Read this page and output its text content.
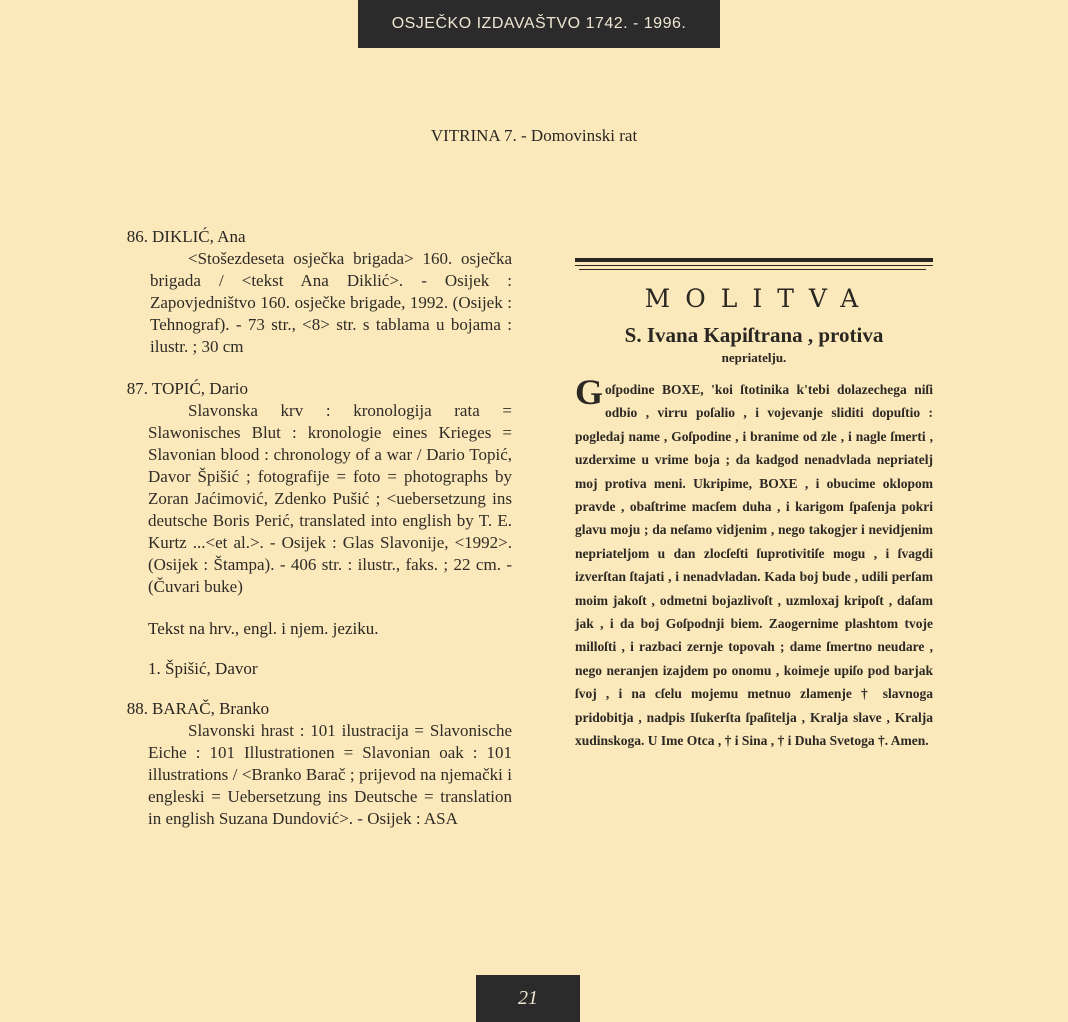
OSJEČKO IZDAVAŠTVO 1742. - 1996.
VITRINA 7. - Domovinski rat
86. DIKLIĆ, Ana
<Stošezdeseta osječka brigada> 160. osječka brigada / <tekst Ana Diklić>. - Osijek : Zapovjedništvo 160. osječke brigade, 1992. (Osijek : Tehnograf). - 73 str., <8> str. s tablama u bojama : ilustr. ; 30 cm
87. TOPIĆ, Dario
Slavonska krv : kronologija rata = Slawonisches Blut : kronologie eines Krieges = Slavonian blood : chronology of a war / Dario Topić, Davor Špišić ; fotografije = foto = photographs by Zoran Jaćimović, Zdenko Pušić ; <uebersetzung ins deutsche Boris Perić, translated into english by T. E. Kurtz ...<et al.>. - Osijek : Glas Slavonije, <1992>. (Osijek : Štampa). - 406 str. : ilustr., faks. ; 22 cm. - (Čuvari buke)
Tekst na hrv., engl. i njem. jeziku.
1. Špišić, Davor
88. BARAČ, Branko
Slavonski hrast : 101 ilustracija = Slavonische Eiche : 101 Illustrationen = Slavonian oak : 101 illustrations / <Branko Barač ; prijevod na njemački i engleski = Uebersetzung ins Deutsche = translation in english Suzana Dundović>. - Osijek : ASA
MOLITVA
S. Ivana Kapiſtrana , protiva
nepriatelju.
Goſpodine BOXE, 'koi ſtotinika k'tebi dolazechega niſi odbio , virru poſalio , i vojevanje sliditi dopuſtio : pogledaj name , Goſpodine , i branime od zle , i nagle ſmerti , uzderxime u vrime boja ; da kadgod nenadvlada nepriatelj moj protiva meni. Ukripime, BOXE , i obucime oklopom pravde , obaſtrime macſem duha , i karigom ſpaſenja pokri glavu moju ; da neſamo vidjenim , nego takogjer i nevidjenim nepriateljom u dan zlocſeſti ſuprotivitiſe mogu , i ſvagdi izverſtan ſtajati , i nenadvladan. Kada boj bude , udili perſam moim jakoſt , odmetni bojazlivoſt , uzmloxaj kripoſt , daſam jak , i da boj Goſpodnji biem. Zaogernime plashtom tvoje milloſti , i razbaci zernje topovah ; dame ſmertno neudare , nego neranjen izajdem po onomu , koimeje upiſo pod barjak ſvoj , i na cſelu mojemu metnuo zlamenje † slavnoga pridobitja , nadpis Iſukerſta ſpaſitelja , Kralja slave , Kralja xudinskoga. U Ime Otca , † i Sina , † i Duha Svetoga †. Amen.
21
